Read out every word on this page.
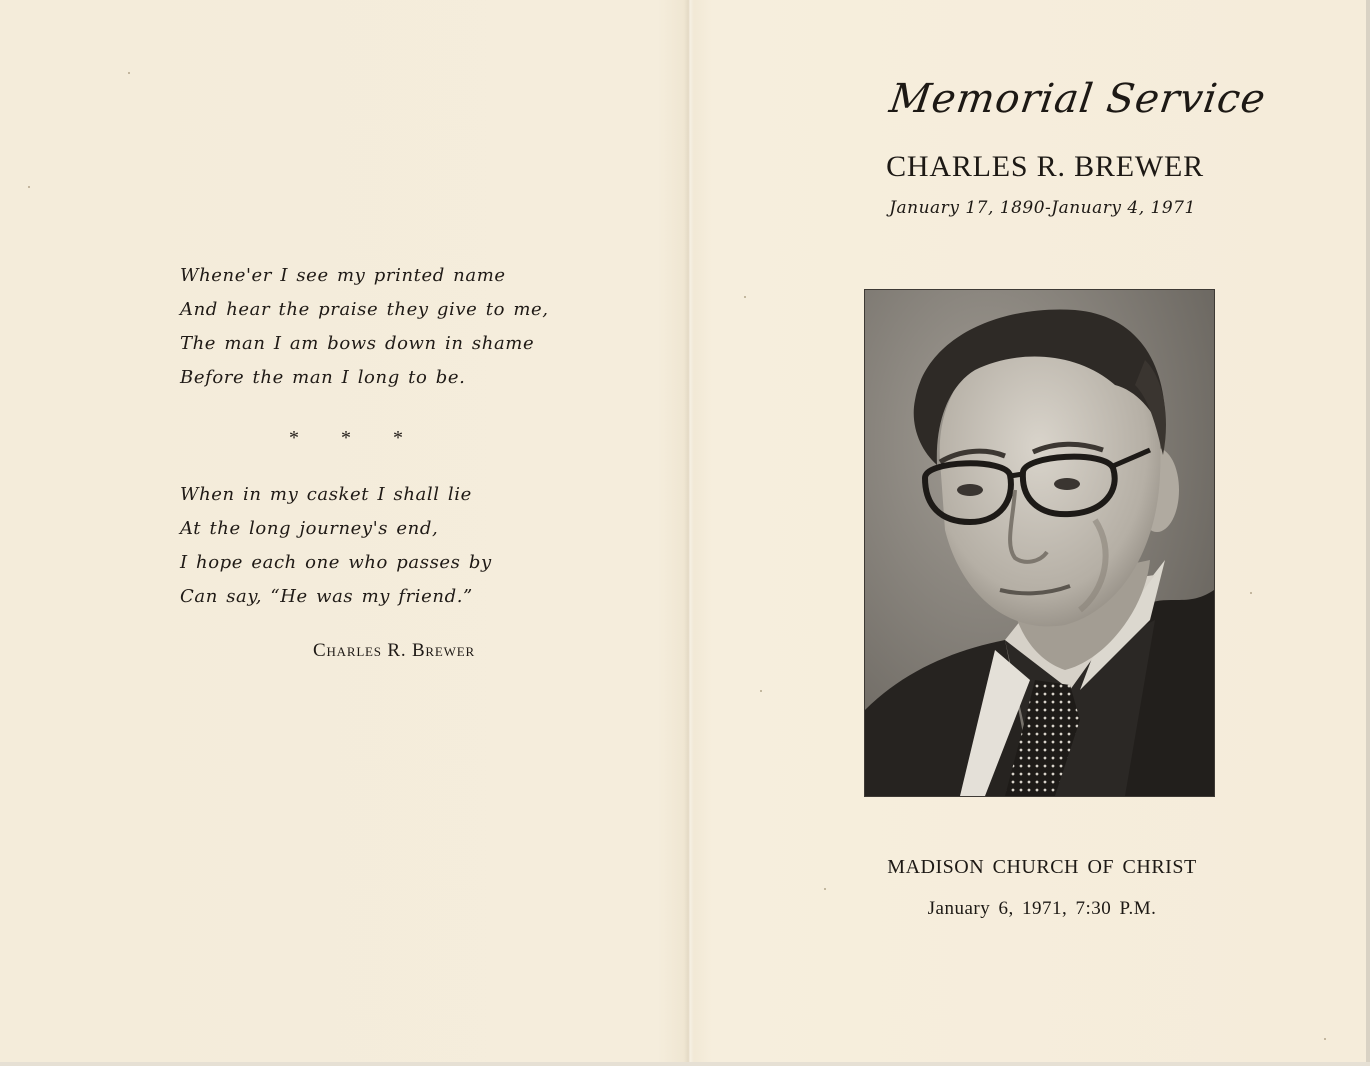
Whene'er I see my printed name
And hear the praise they give to me,
The man I am bows down in shame
Before the man I long to be.
* * *
When in my casket I shall lie
At the long journey's end,
I hope each one who passes by
Can say, “He was my friend.”
Charles R. Brewer
Memorial Service
CHARLES R. BREWER
January 17, 1890-January 4, 1971
MADISON CHURCH OF CHRIST
January 6, 1971, 7:30 P.M.
